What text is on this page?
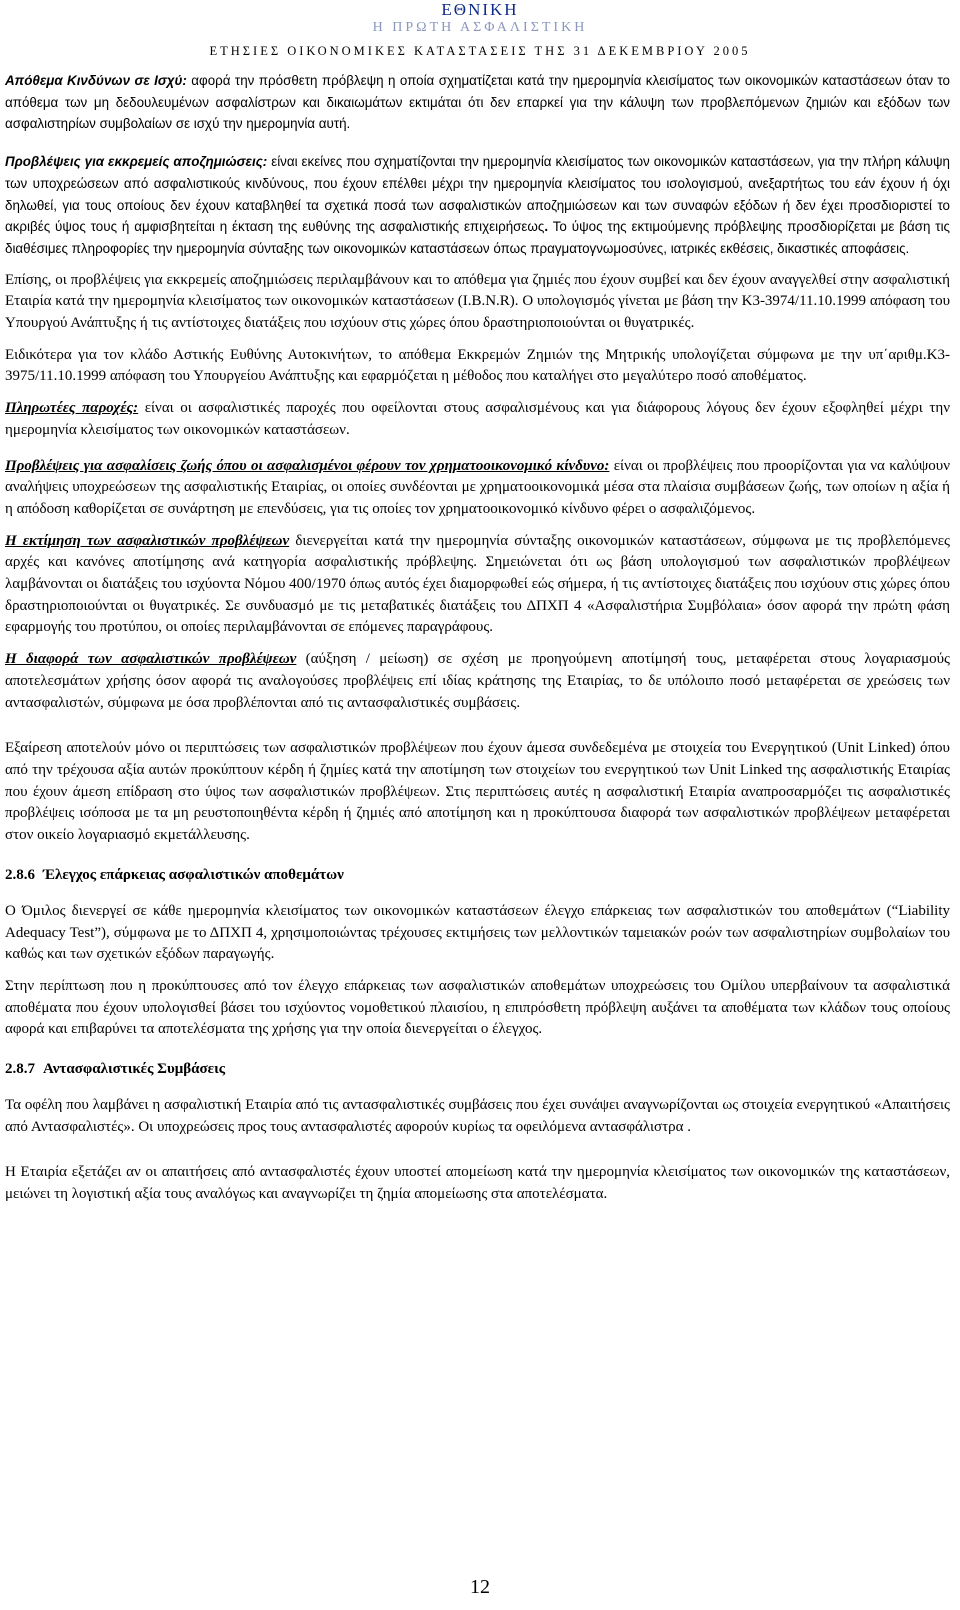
ΕΘΝΙΚΗ
Η ΠΡΩΤΗ ΑΣΦΑΛΙΣΤΙΚΗ
ΕΤΗΣΙΕΣ ΟΙΚΟΝΟΜΙΚΕΣ ΚΑΤΑΣΤΑΣΕΙΣ ΤΗΣ 31 ΔΕΚΕΜΒΡΙΟΥ 2005

Απόθεμα Κινδύνων σε Ισχύ: αφορά την πρόσθετη πρόβλεψη η οποία σχηματίζεται κατά την ημερομηνία κλεισίματος των οικονομικών καταστάσεων όταν το απόθεμα των μη δεδουλευμένων ασφαλίστρων και δικαιωμάτων εκτιμάται ότι δεν επαρκεί για την κάλυψη των προβλεπόμενων ζημιών και εξόδων των ασφαλιστηρίων συμβολαίων σε ισχύ την ημερομηνία αυτή.

Προβλέψεις για εκκρεμείς αποζημιώσεις: είναι εκείνες που σχηματίζονται την ημερομηνία κλεισίματος των οικονομικών καταστάσεων, για την πλήρη κάλυψη των υποχρεώσεων από ασφαλιστικούς κινδύνους, που έχουν επέλθει μέχρι την ημερομηνία κλεισίματος του ισολογισμού, ανεξαρτήτως του εάν έχουν ή όχι δηλωθεί, για τους οποίους δεν έχουν καταβληθεί τα σχετικά ποσά των ασφαλιστικών αποζημιώσεων και των συναφών εξόδων ή δεν έχει προσδιοριστεί το ακριβές ύψος τους ή αμφισβητείται η έκταση της ευθύνης της ασφαλιστικής επιχειρήσεως. Το ύψος της εκτιμούμενης πρόβλεψης προσδιορίζεται με βάση τις διαθέσιμες πληροφορίες την ημερομηνία σύνταξης των οικονομικών καταστάσεων όπως πραγματογνωμοσύνες, ιατρικές εκθέσεις, δικαστικές αποφάσεις.

Επίσης, οι προβλέψεις για εκκρεμείς αποζημιώσεις περιλαμβάνουν και το απόθεμα για ζημιές που έχουν συμβεί και δεν έχουν αναγγελθεί στην ασφαλιστική Εταιρία κατά την ημερομηνία κλεισίματος των οικονομικών καταστάσεων (I.B.N.R). Ο υπολογισμός γίνεται με βάση την Κ3-3974/11.10.1999 απόφαση του Υπουργού Ανάπτυξης ή τις αντίστοιχες διατάξεις που ισχύουν στις χώρες όπου δραστηριοποιούνται οι θυγατρικές.

Ειδικότερα για τον κλάδο Αστικής Ευθύνης Αυτοκινήτων, το απόθεμα Εκκρεμών Ζημιών της Μητρικής υπολογίζεται σύμφωνα με την υπ΄αριθμ.Κ3-3975/11.10.1999 απόφαση του Υπουργείου Ανάπτυξης και εφαρμόζεται η μέθοδος που καταλήγει στο μεγαλύτερο ποσό αποθέματος.

Πληρωτέες παροχές: είναι οι ασφαλιστικές παροχές που οφείλονται στους ασφαλισμένους και για διάφορους λόγους δεν έχουν εξοφληθεί μέχρι την ημερομηνία κλεισίματος των οικονομικών καταστάσεων.

Προβλέψεις για ασφαλίσεις ζωής όπου οι ασφαλισμένοι φέρουν τον χρηματοοικονομικό κίνδυνο: είναι οι προβλέψεις που προορίζονται για να καλύψουν αναλήψεις υποχρεώσεων της ασφαλιστικής Εταιρίας, οι οποίες συνδέονται με χρηματοοικονομικά μέσα στα πλαίσια συμβάσεων ζωής, των οποίων η αξία ή η απόδοση καθορίζεται σε συνάρτηση με επενδύσεις, για τις οποίες τον χρηματοοικονομικό κίνδυνο φέρει ο ασφαλιζόμενος.

Η εκτίμηση των ασφαλιστικών προβλέψεων διενεργείται κατά την ημερομηνία σύνταξης οικονομικών καταστάσεων, σύμφωνα με τις προβλεπόμενες αρχές και κανόνες αποτίμησης ανά κατηγορία ασφαλιστικής πρόβλεψης. Σημειώνεται ότι ως βάση υπολογισμού των ασφαλιστικών προβλέψεων λαμβάνονται οι διατάξεις του ισχύοντα Νόμου 400/1970 όπως αυτός έχει διαμορφωθεί εώς σήμερα, ή τις αντίστοιχες διατάξεις που ισχύουν στις χώρες όπου δραστηριοποιούνται οι θυγατρικές. Σε συνδυασμό με τις μεταβατικές διατάξεις του ΔΠΧΠ 4 «Ασφαλιστήρια Συμβόλαια» όσον αφορά την πρώτη φάση εφαρμογής του προτύπου, οι οποίες περιλαμβάνονται σε επόμενες παραγράφους.

Η διαφορά των ασφαλιστικών προβλέψεων (αύξηση / μείωση) σε σχέση με προηγούμενη αποτίμησή τους, μεταφέρεται στους λογαριασμούς αποτελεσμάτων χρήσης όσον αφορά τις αναλογούσες προβλέψεις επί ιδίας κράτησης της Εταιρίας, το δε υπόλοιπο ποσό μεταφέρεται σε χρεώσεις των αντασφαλιστών, σύμφωνα με όσα προβλέπονται από τις αντασφαλιστικές συμβάσεις.

Εξαίρεση αποτελούν μόνο οι περιπτώσεις των ασφαλιστικών προβλέψεων που έχουν άμεσα συνδεδεμένα με στοιχεία του Ενεργητικού (Unit Linked) όπου από την τρέχουσα αξία αυτών προκύπτουν κέρδη ή ζημίες κατά την αποτίμηση των στοιχείων του ενεργητικού των Unit Linked της ασφαλιστικής Εταιρίας που έχουν άμεση επίδραση στο ύψος των ασφαλιστικών προβλέψεων. Στις περιπτώσεις αυτές η ασφαλιστική Εταιρία αναπροσαρμόζει τις ασφαλιστικές προβλέψεις ισόποσα με τα μη ρευστοποιηθέντα κέρδη ή ζημιές από αποτίμηση και η προκύπτουσα διαφορά των ασφαλιστικών προβλέψεων μεταφέρεται στον οικείο λογαριασμό εκμετάλλευσης.

2.8.6 Έλεγχος επάρκειας ασφαλιστικών αποθεμάτων

Ο Όμιλος διενεργεί σε κάθε ημερομηνία κλεισίματος των οικονομικών καταστάσεων έλεγχο επάρκειας των ασφαλιστικών του αποθεμάτων (“Liability Adequacy Test”), σύμφωνα με το ΔΠΧΠ 4, χρησιμοποιώντας τρέχουσες εκτιμήσεις των μελλοντικών ταμειακών ροών των ασφαλιστηρίων συμβολαίων του καθώς και των σχετικών εξόδων παραγωγής.

Στην περίπτωση που η προκύπτουσες από τον έλεγχο επάρκειας των ασφαλιστικών αποθεμάτων υποχρεώσεις του Ομίλου υπερβαίνουν τα ασφαλιστικά αποθέματα που έχουν υπολογισθεί βάσει του ισχύοντος νομοθετικού πλαισίου, η επιπρόσθετη πρόβλεψη αυξάνει τα αποθέματα των κλάδων τους οποίους αφορά και επιβαρύνει τα αποτελέσματα της χρήσης για την οποία διενεργείται ο έλεγχος.

2.8.7 Αντασφαλιστικές Συμβάσεις

Τα οφέλη που λαμβάνει η ασφαλιστική Εταιρία από τις αντασφαλιστικές συμβάσεις που έχει συνάψει αναγνωρίζονται ως στοιχεία ενεργητικού «Απαιτήσεις από Αντασφαλιστές». Οι υποχρεώσεις προς τους αντασφαλιστές αφορούν κυρίως τα οφειλόμενα αντασφάλιστρα .

Η Εταιρία εξετάζει αν οι απαιτήσεις από αντασφαλιστές έχουν υποστεί απομείωση κατά την ημερομηνία κλεισίματος των οικονομικών της καταστάσεων, μειώνει τη λογιστική αξία τους αναλόγως και αναγνωρίζει τη ζημία απομείωσης στα αποτελέσματα.

12
